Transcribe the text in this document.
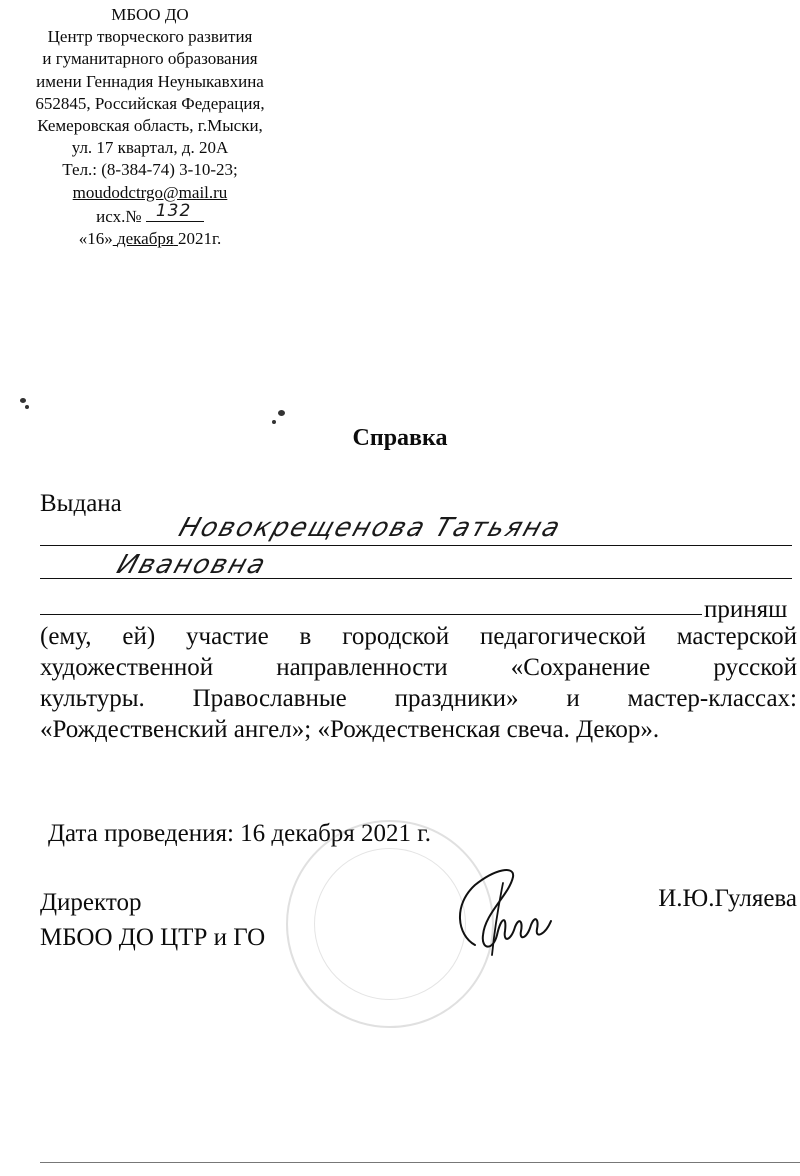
МБОО ДО
Центр творческого развития
и гуманитарного образования
имени Геннадия Неуныкавхина
652845, Российская Федерация,
Кемеровская область, г.Мыски,
ул. 17 квартал, д. 20А
Тел.: (8-384-74) 3-10-23;
moudodctrgo@mail.ru
исх.№ 132
«16» декабря 2021г.
Справка
Выдана
Новокрещенова Татьяна
Ивановна
приняш
(ему, ей) участие в городской педагогической мастерской
художественной направленности «Сохранение русской
культуры. Православные праздники» и мастер-классах:
«Рождественский ангел»; «Рождественская свеча. Декор».
Дата проведения: 16 декабря 2021 г.
Директор
МБОО ДО ЦТР и ГО
И.Ю.Гуляева
